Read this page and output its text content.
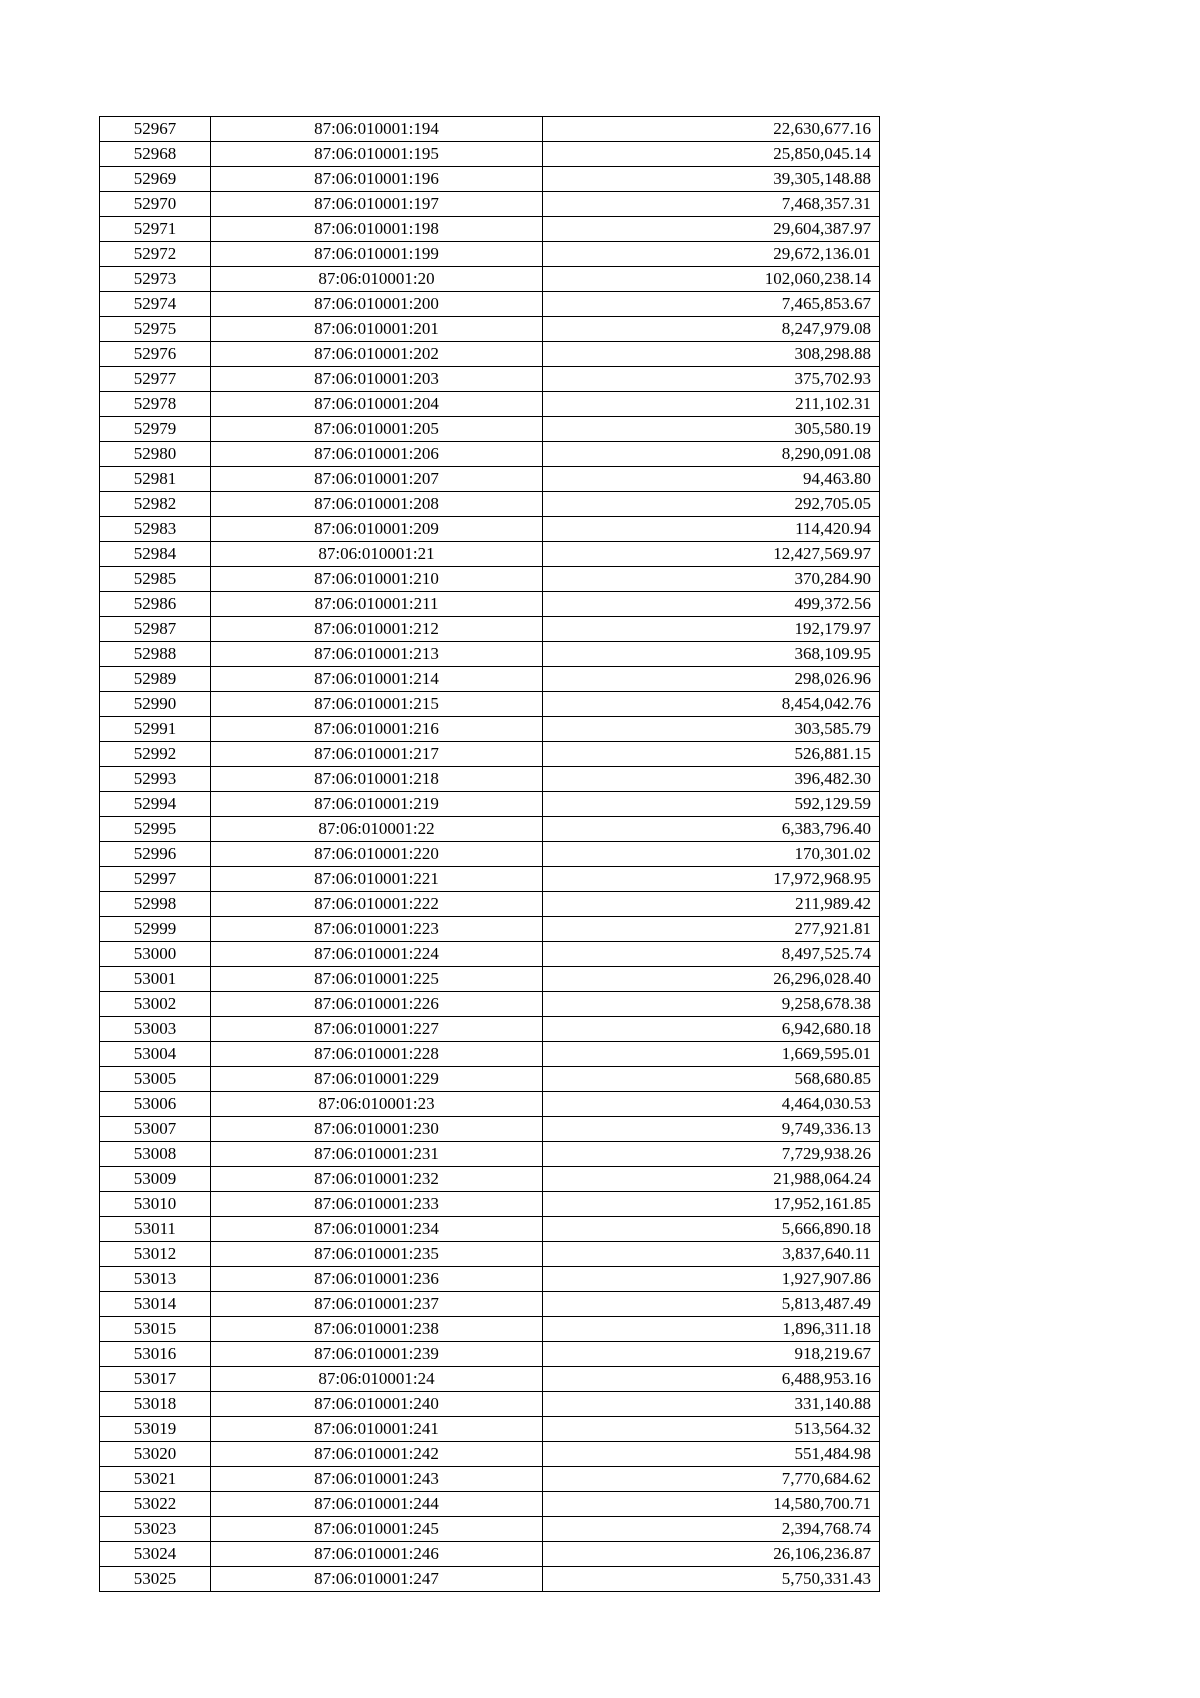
52967	87:06:010001:194	22,630,677.16
52968	87:06:010001:195	25,850,045.14
52969	87:06:010001:196	39,305,148.88
52970	87:06:010001:197	7,468,357.31
52971	87:06:010001:198	29,604,387.97
52972	87:06:010001:199	29,672,136.01
52973	87:06:010001:20	102,060,238.14
52974	87:06:010001:200	7,465,853.67
52975	87:06:010001:201	8,247,979.08
52976	87:06:010001:202	308,298.88
52977	87:06:010001:203	375,702.93
52978	87:06:010001:204	211,102.31
52979	87:06:010001:205	305,580.19
52980	87:06:010001:206	8,290,091.08
52981	87:06:010001:207	94,463.80
52982	87:06:010001:208	292,705.05
52983	87:06:010001:209	114,420.94
52984	87:06:010001:21	12,427,569.97
52985	87:06:010001:210	370,284.90
52986	87:06:010001:211	499,372.56
52987	87:06:010001:212	192,179.97
52988	87:06:010001:213	368,109.95
52989	87:06:010001:214	298,026.96
52990	87:06:010001:215	8,454,042.76
52991	87:06:010001:216	303,585.79
52992	87:06:010001:217	526,881.15
52993	87:06:010001:218	396,482.30
52994	87:06:010001:219	592,129.59
52995	87:06:010001:22	6,383,796.40
52996	87:06:010001:220	170,301.02
52997	87:06:010001:221	17,972,968.95
52998	87:06:010001:222	211,989.42
52999	87:06:010001:223	277,921.81
53000	87:06:010001:224	8,497,525.74
53001	87:06:010001:225	26,296,028.40
53002	87:06:010001:226	9,258,678.38
53003	87:06:010001:227	6,942,680.18
53004	87:06:010001:228	1,669,595.01
53005	87:06:010001:229	568,680.85
53006	87:06:010001:23	4,464,030.53
53007	87:06:010001:230	9,749,336.13
53008	87:06:010001:231	7,729,938.26
53009	87:06:010001:232	21,988,064.24
53010	87:06:010001:233	17,952,161.85
53011	87:06:010001:234	5,666,890.18
53012	87:06:010001:235	3,837,640.11
53013	87:06:010001:236	1,927,907.86
53014	87:06:010001:237	5,813,487.49
53015	87:06:010001:238	1,896,311.18
53016	87:06:010001:239	918,219.67
53017	87:06:010001:24	6,488,953.16
53018	87:06:010001:240	331,140.88
53019	87:06:010001:241	513,564.32
53020	87:06:010001:242	551,484.98
53021	87:06:010001:243	7,770,684.62
53022	87:06:010001:244	14,580,700.71
53023	87:06:010001:245	2,394,768.74
53024	87:06:010001:246	26,106,236.87
53025	87:06:010001:247	5,750,331.43
